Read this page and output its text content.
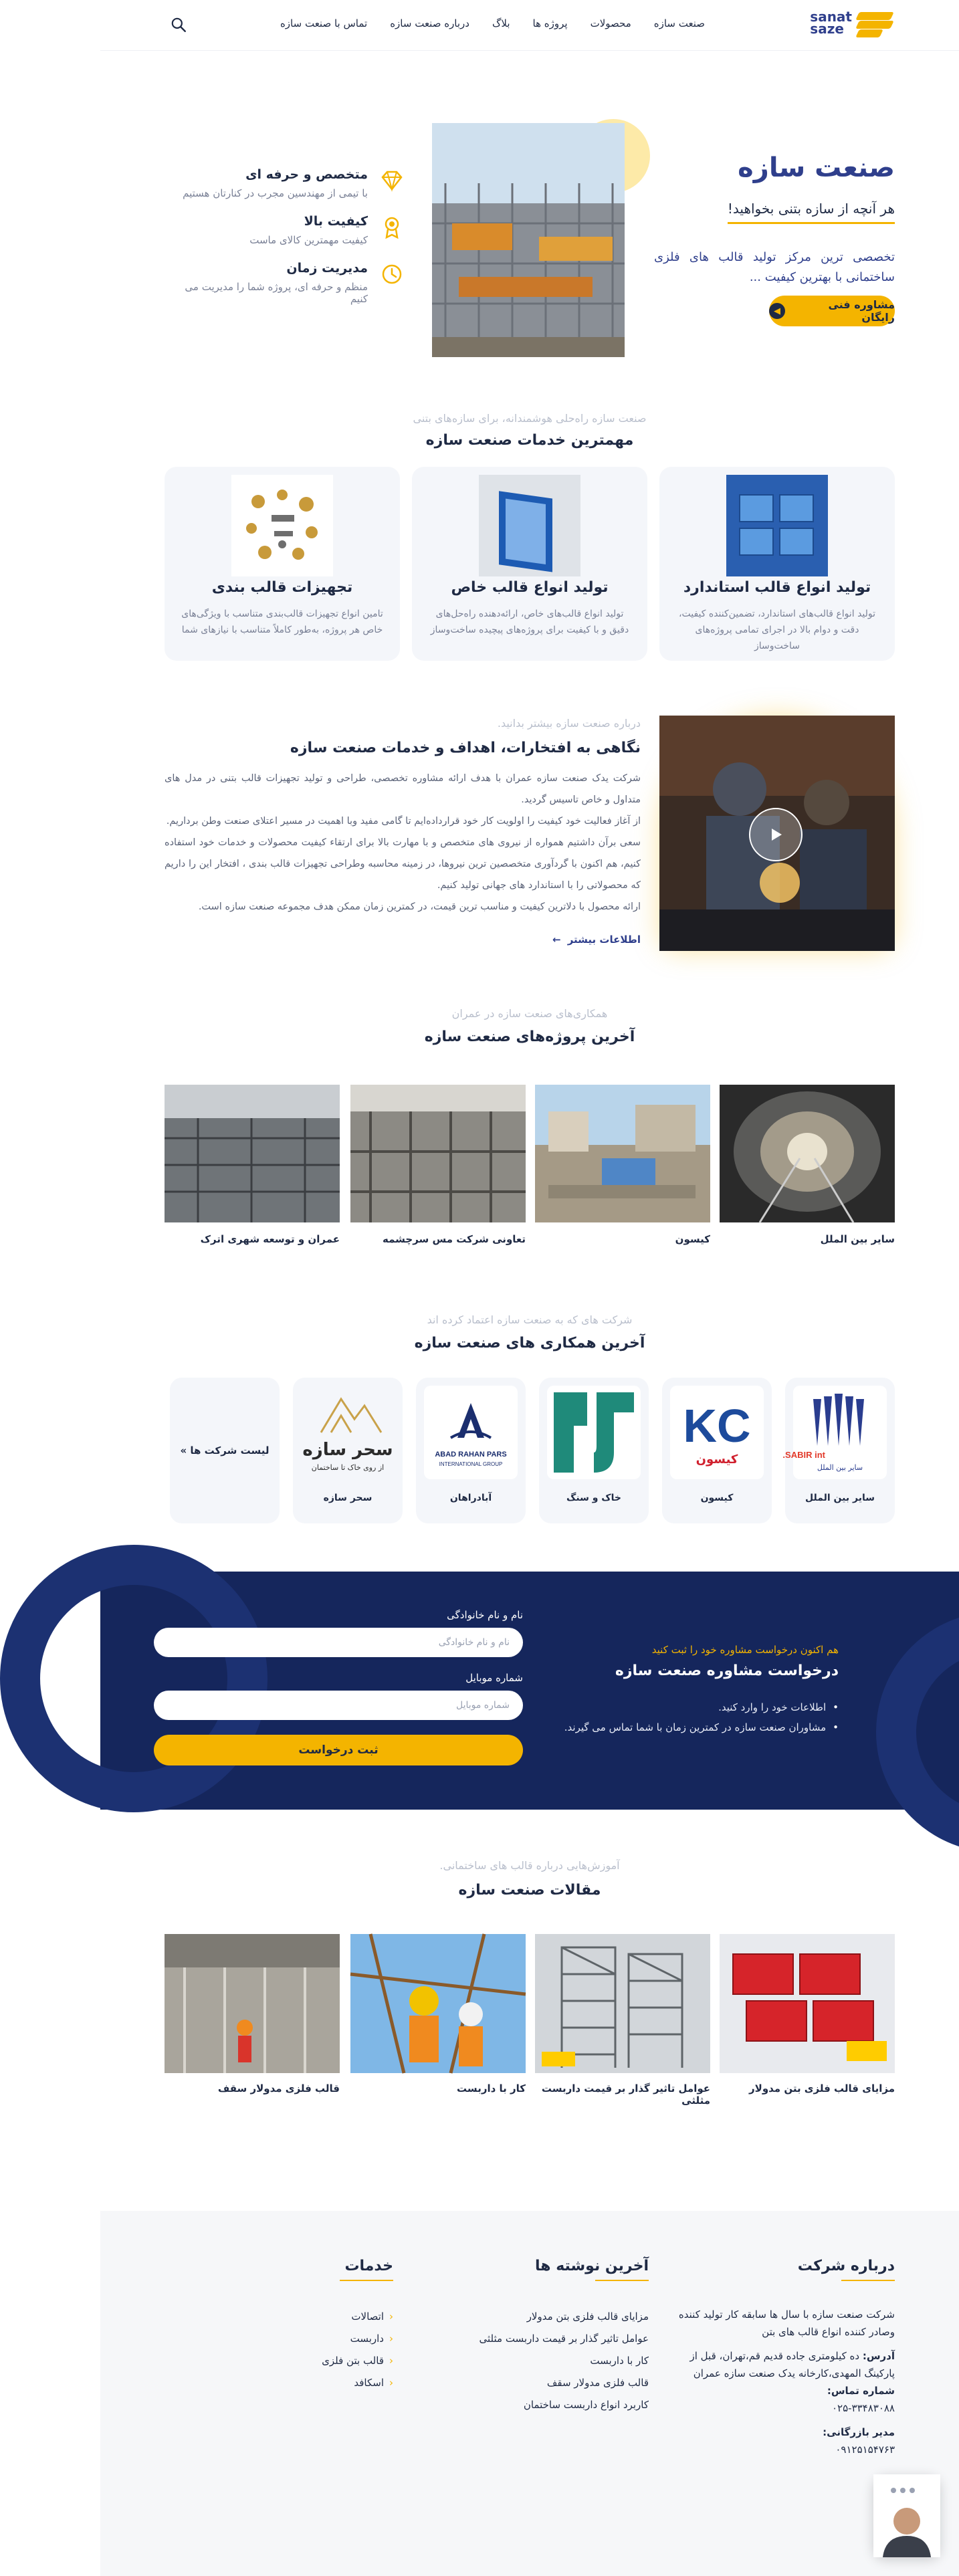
sanat
saze
صنعت سازه
محصولات
پروژه ها
بلاگ
درباره صنعت سازه
تماس با صنعت سازه
صنعت سازه
هر آنچه از سازه بتنی بخواهید!

تخصصی ترین مرکز تولید قالب های فلزی ساختمانی با بهترین کیفیت ...

مشاوره فنی رایگان
◀
متخصص و حرفه ای
با تیمی از مهندسین مجرب در کنارتان هستیم
کیفیت بالا
کیفیت مهمترین کالای ماست
مدیریت زمان
منظم و حرفه ای، پروژه شما را مدیریت می کنیم
صنعت سازه راه‌حلی هوشمندانه، برای سازه‌های بتنی
مهمترین خدمات صنعت سازه
تولید انواع قالب استاندارد
تولید انواع قالب‌های استاندارد، تضمین‌کننده کیفیت، دقت و دوام بالا در اجرای تمامی پروژه‌های ساخت‌وساز
تولید انواع قالب خاص
تولید انواع قالب‌های خاص، ارائه‌دهنده راه‌حل‌های دقیق و با کیفیت برای پروژه‌های پیچیده ساخت‌وساز
تجهیزات قالب بندی
تامین انواع تجهیزات قالب‌بندی متناسب با ویژگی‌های خاص هر پروژه، به‌طور کاملاً متناسب با نیازهای شما
درباره صنعت سازه بیشتر بدانید.
نگاهی به افتخارات، اهداف و خدمات صنعت سازه

شرکت یدک صنعت سازه عمران با هدف ارائه مشاوره تخصصی، طراحی و تولید تجهیزات قالب بتنی در مدل های متداول و خاص تاسیس گردید.

از آغاز فعالیت خود کیفیت را اولویت کار خود قرارداده‌ایم تا گامی مفید وبا اهمیت در مسیر اعتلای صنعت وطن برداریم.

سعی برآن داشتیم همواره از نیروی های متخصص و با مهارت بالا برای ارتقاء کیفیت محصولات و خدمات خود استفاده کنیم، هم اکنون با گردآوری متخصصین ترین نیروها، در زمینه محاسبه وطراحی تجهیزات قالب بندی ، افتخار این را داریم که محصولاتی را با استاندارد های جهانی تولید کنیم.

ارائه محصول با دلاترین کیفیت و مناسب ترین قیمت، در کمترین زمان ممکن هدف مجموعه صنعت سازه است.

اطلاعات بیشتر
←
همکاری‌های صنعت سازه در عمران
آخرین پروژه‌های صنعت سازه
سایر بین الملل
کیسون
تعاونی شرکت مس سرچشمه
عمران و توسعه شهری اترک
شرکت های که به صنعت سازه اعتماد کرده اند
آخرین همکاری های صنعت سازه
SABIR int.
سایر بین الملل
سایر بین الملل
KC
کیسون
کیسون
خاک و سنگ
ABAD RAHAN PARS
INTERNATIONAL GROUP
آبادراهان
سحر سازه
از روی خاک تا ساختمان
سحر سازه
لیست شرکت ها »
هم اکنون درخواست مشاوره خود را ثبت کنید
درخواست مشاوره صنعت سازه
• اطلاعات خود را وارد کنید.
• مشاوران صنعت سازه در کمترین زمان با شما تماس می گیرند.
نام و نام خانوادگی
نام و نام خانوادگی
شماره موبایل
شماره موبایل
ثبت درخواست
آموزش‌هایی درباره قالب های ساختمانی.
مقالات صنعت سازه
مزایای قالب فلزی بتن مدولار
عوامل تاثیر گذار بر قیمت داربست مثلثی
کار با داربست
قالب فلزی مدولار سقف
درباره شرکت

شرکت صنعت سازه با سال ها سابقه کار تولید کننده وصادر کننده انواع قالب های بتن

آدرس: ده کیلومتری جاده قدیم قم،تهران، قبل از پارکینگ المهدی،کارخانه یدک صنعت سازه عمران

شماره تماس:

۰۲۵-۳۳۴۸۳۰۸۸

مدیر بازرگانی:

۰۹۱۲۵۱۵۴۷۶۳

آخرین نوشته ها
مزایای قالب فلزی بتن مدولار
عوامل تاثیر گذار بر قیمت داربست مثلثی
کار با داربست
قالب فلزی مدولار سقف
کاربرد انواع داربست ساختمان
خدمات
‹ اتصالات
‹ داربست
‹ قالب بتن فلزی
‹ اسکافد
